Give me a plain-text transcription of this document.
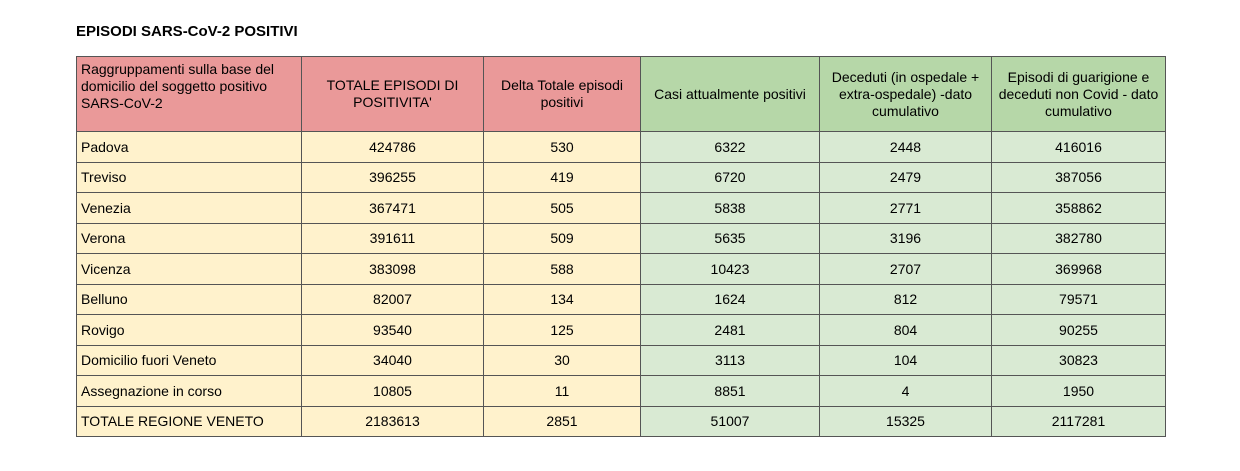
EPISODI SARS-CoV-2 POSITIVI
Raggruppamenti sulla base del domicilio del soggetto positivo SARS-CoV-2	TOTALE EPISODI DI POSITIVITA'	Delta Totale episodi positivi	Casi attualmente positivi	Deceduti (in ospedale + extra-ospedale) -dato cumulativo	Episodi di guarigione e deceduti non Covid - dato cumulativo
Padova	424786	530	6322	2448	416016
Treviso	396255	419	6720	2479	387056
Venezia	367471	505	5838	2771	358862
Verona	391611	509	5635	3196	382780
Vicenza	383098	588	10423	2707	369968
Belluno	82007	134	1624	812	79571
Rovigo	93540	125	2481	804	90255
Domicilio fuori Veneto	34040	30	3113	104	30823
Assegnazione in corso	10805	11	8851	4	1950
TOTALE REGIONE VENETO	2183613	2851	51007	15325	2117281
